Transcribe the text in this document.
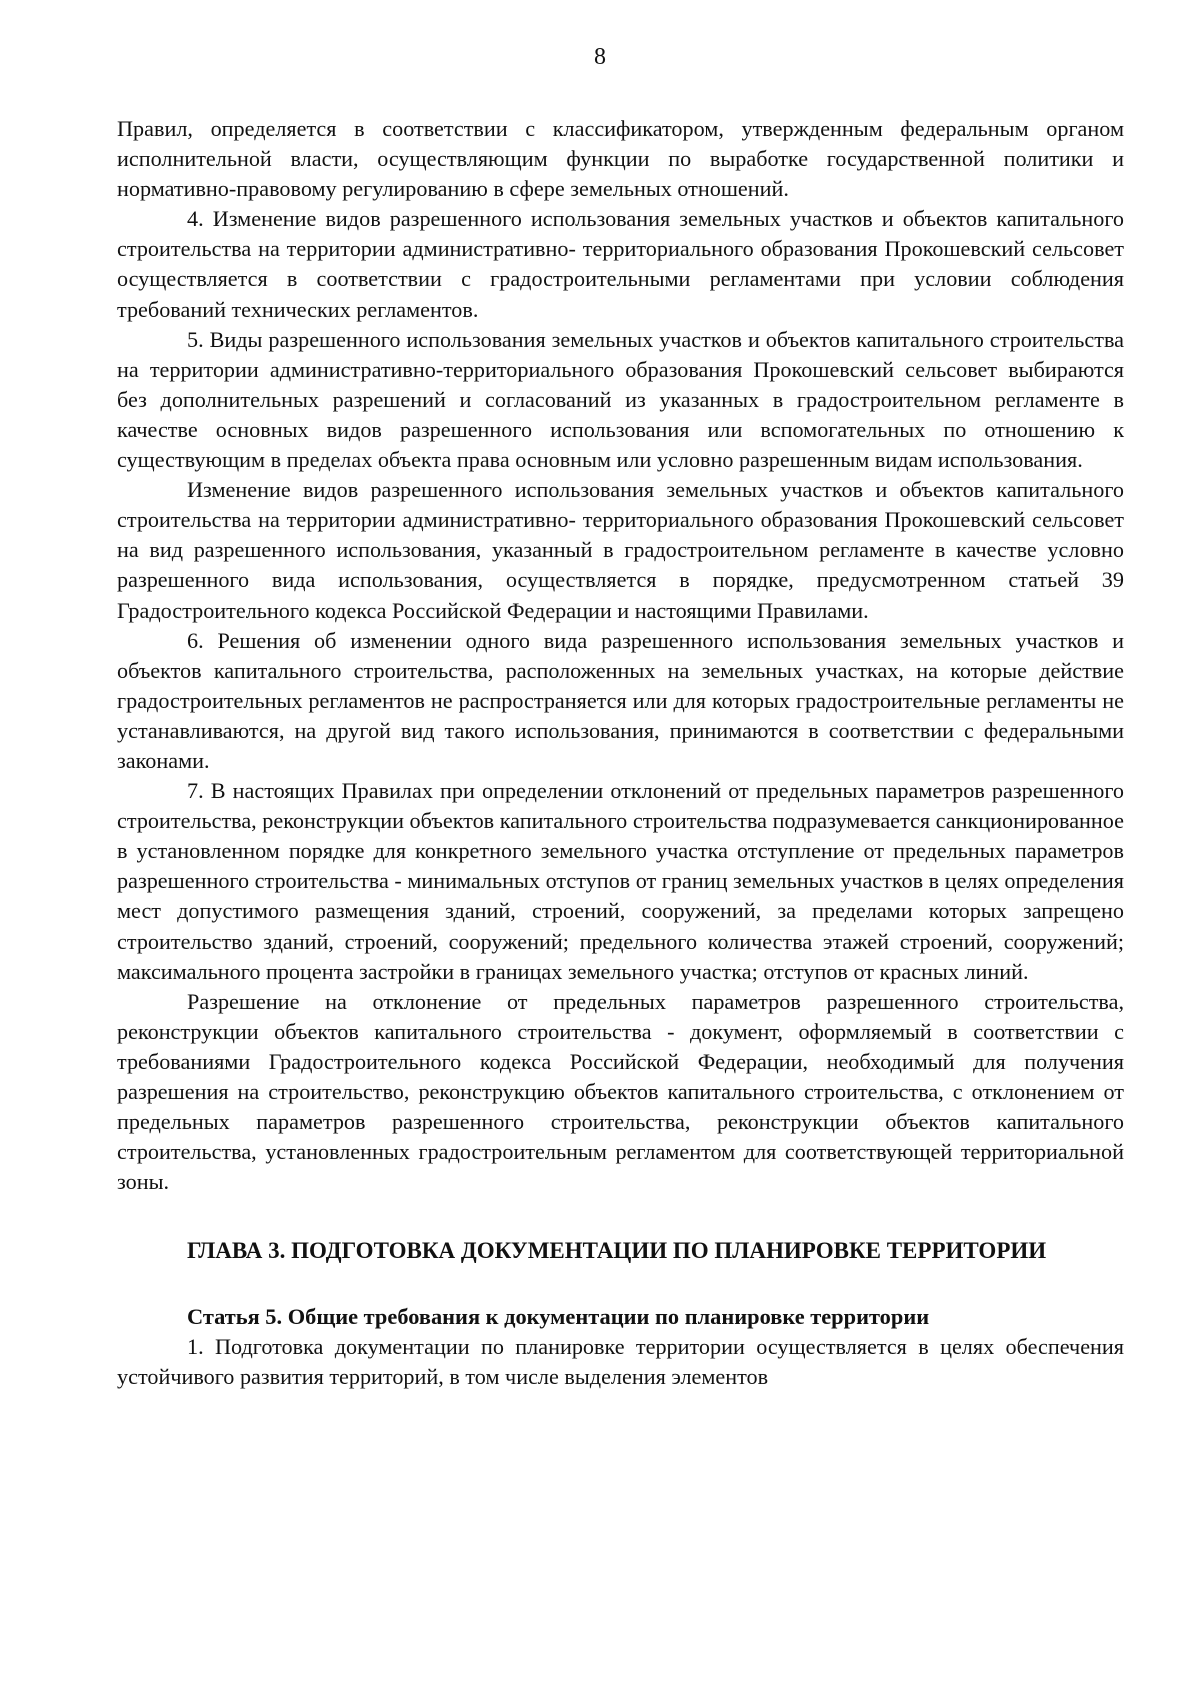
8

Правил, определяется в соответствии с классификатором, утвержденным федеральным органом исполнительной власти, осуществляющим функции по выработке государственной политики и нормативно-правовому регулированию в сфере земельных отношений.

4. Изменение видов разрешенного использования земельных участков и объектов капитального строительства на территории административно- территориального образования Прокошевский сельсовет осуществляется в соответствии с градостроительными регламентами при условии соблюдения требований технических регламентов.

5. Виды разрешенного использования земельных участков и объектов капитального строительства на территории административно-территориального образования Прокошевский сельсовет выбираются без дополнительных разрешений и согласований из указанных в градостроительном регламенте в качестве основных видов разрешенного использования или вспомогательных по отношению к существующим в пределах объекта права основным или условно разрешенным видам использования.

Изменение видов разрешенного использования земельных участков и объектов капитального строительства на территории административно- территориального образования Прокошевский сельсовет на вид разрешенного использования, указанный в градостроительном регламенте в качестве условно разрешенного вида использования, осуществляется в порядке, предусмотренном статьей 39 Градостроительного кодекса Российской Федерации и настоящими Правилами.

6. Решения об изменении одного вида разрешенного использования земельных участков и объектов капитального строительства, расположенных на земельных участках, на которые действие градостроительных регламентов не распространяется или для которых градостроительные регламенты не устанавливаются, на другой вид такого использования, принимаются в соответствии с федеральными законами.

7. В настоящих Правилах при определении отклонений от предельных параметров разрешенного строительства, реконструкции объектов капитального строительства подразумевается санкционированное в установленном порядке для конкретного земельного участка отступление от предельных параметров разрешенного строительства - минимальных отступов от границ земельных участков в целях определения мест допустимого размещения зданий, строений, сооружений, за пределами которых запрещено строительство зданий, строений, сооружений; предельного количества этажей строений, сооружений; максимального процента застройки в границах земельного участка; отступов от красных линий.

Разрешение на отклонение от предельных параметров разрешенного строительства, реконструкции объектов капитального строительства - документ, оформляемый в соответствии с требованиями Градостроительного кодекса Российской Федерации, необходимый для получения разрешения на строительство, реконструкцию объектов капитального строительства, с отклонением от предельных параметров разрешенного строительства, реконструкции объектов капитального строительства, установленных градостроительным регламентом для соответствующей территориальной зоны.

ГЛАВА 3. ПОДГОТОВКА ДОКУМЕНТАЦИИ ПО ПЛАНИРОВКЕ ТЕРРИТОРИИ
Статья 5. Общие требования к документации по планировке территории

1. Подготовка документации по планировке территории осуществляется в целях обеспечения устойчивого развития территорий, в том числе выделения элементов
